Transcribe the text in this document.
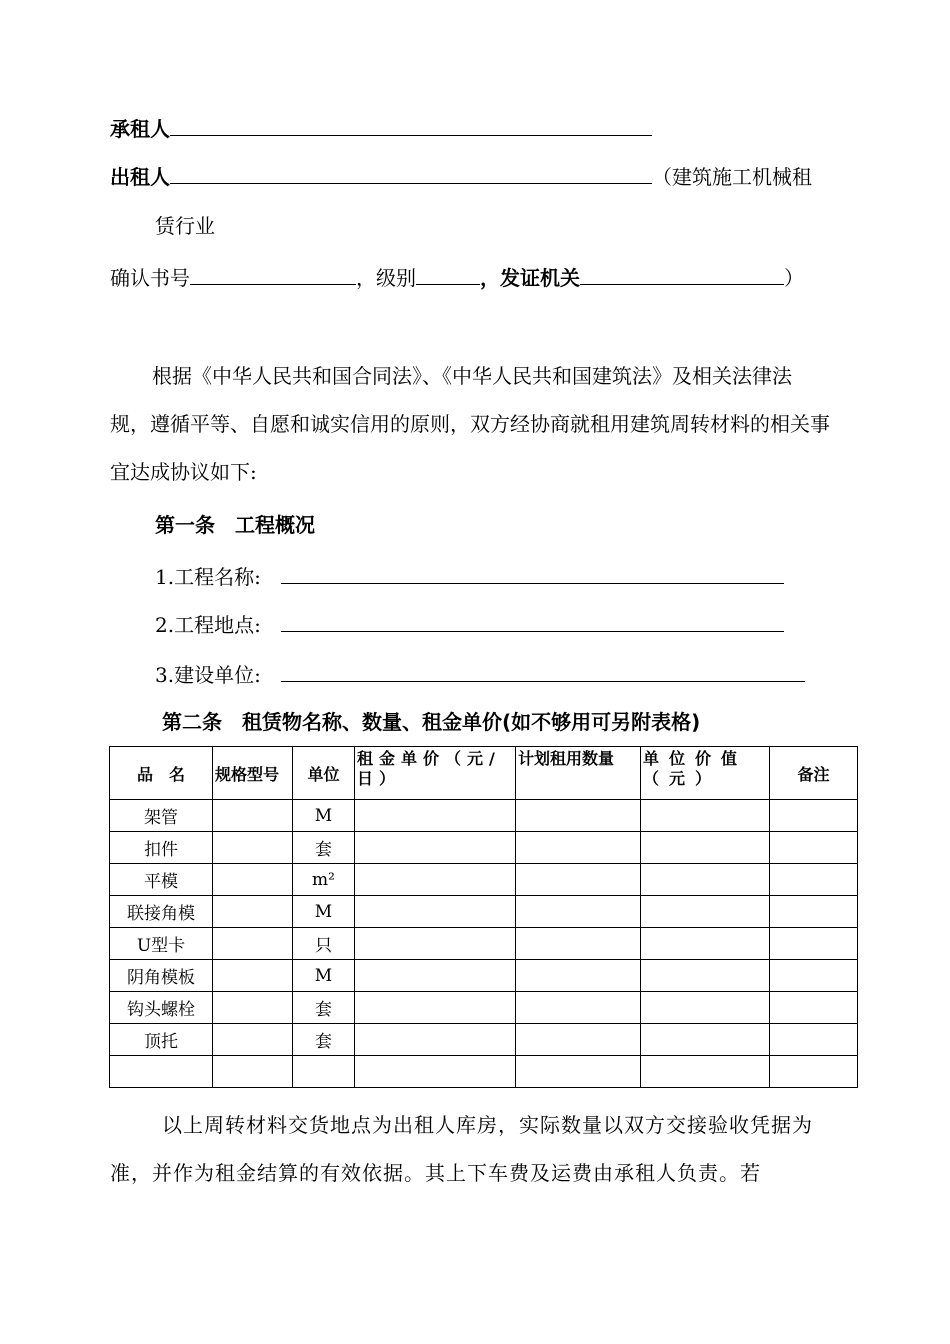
承租人
出租人	（建筑施工机械租
赁行业
确认书号	，级别	，发证机关	）
根据《中华人民共和国合同法》、《中华人民共和国建筑法》及相关法律法规，遵循平等、自愿和诚实信用的原则，双方经协商就租用建筑周转材料的相关事宜达成协议如下:
第一条　工程概况
1.工程名称:
2.工程地点:
3.建设单位:
第二条　租赁物名称、数量、租金单价(如不够用可另附表格)
品　名	规格型号	单位	租金单价（元/日）	计划租用数量	单位价值（元）	备注
架管		M				
扣件		套				
平模		m²				
联接角模		M				
U型卡		只				
阴角模板		M				
钩头螺栓		套				
顶托		套				

以上周转材料交货地点为出租人库房，实际数量以双方交接验收凭据为准，并作为租金结算的有效依据。其上下车费及运费由承租人负责。若
